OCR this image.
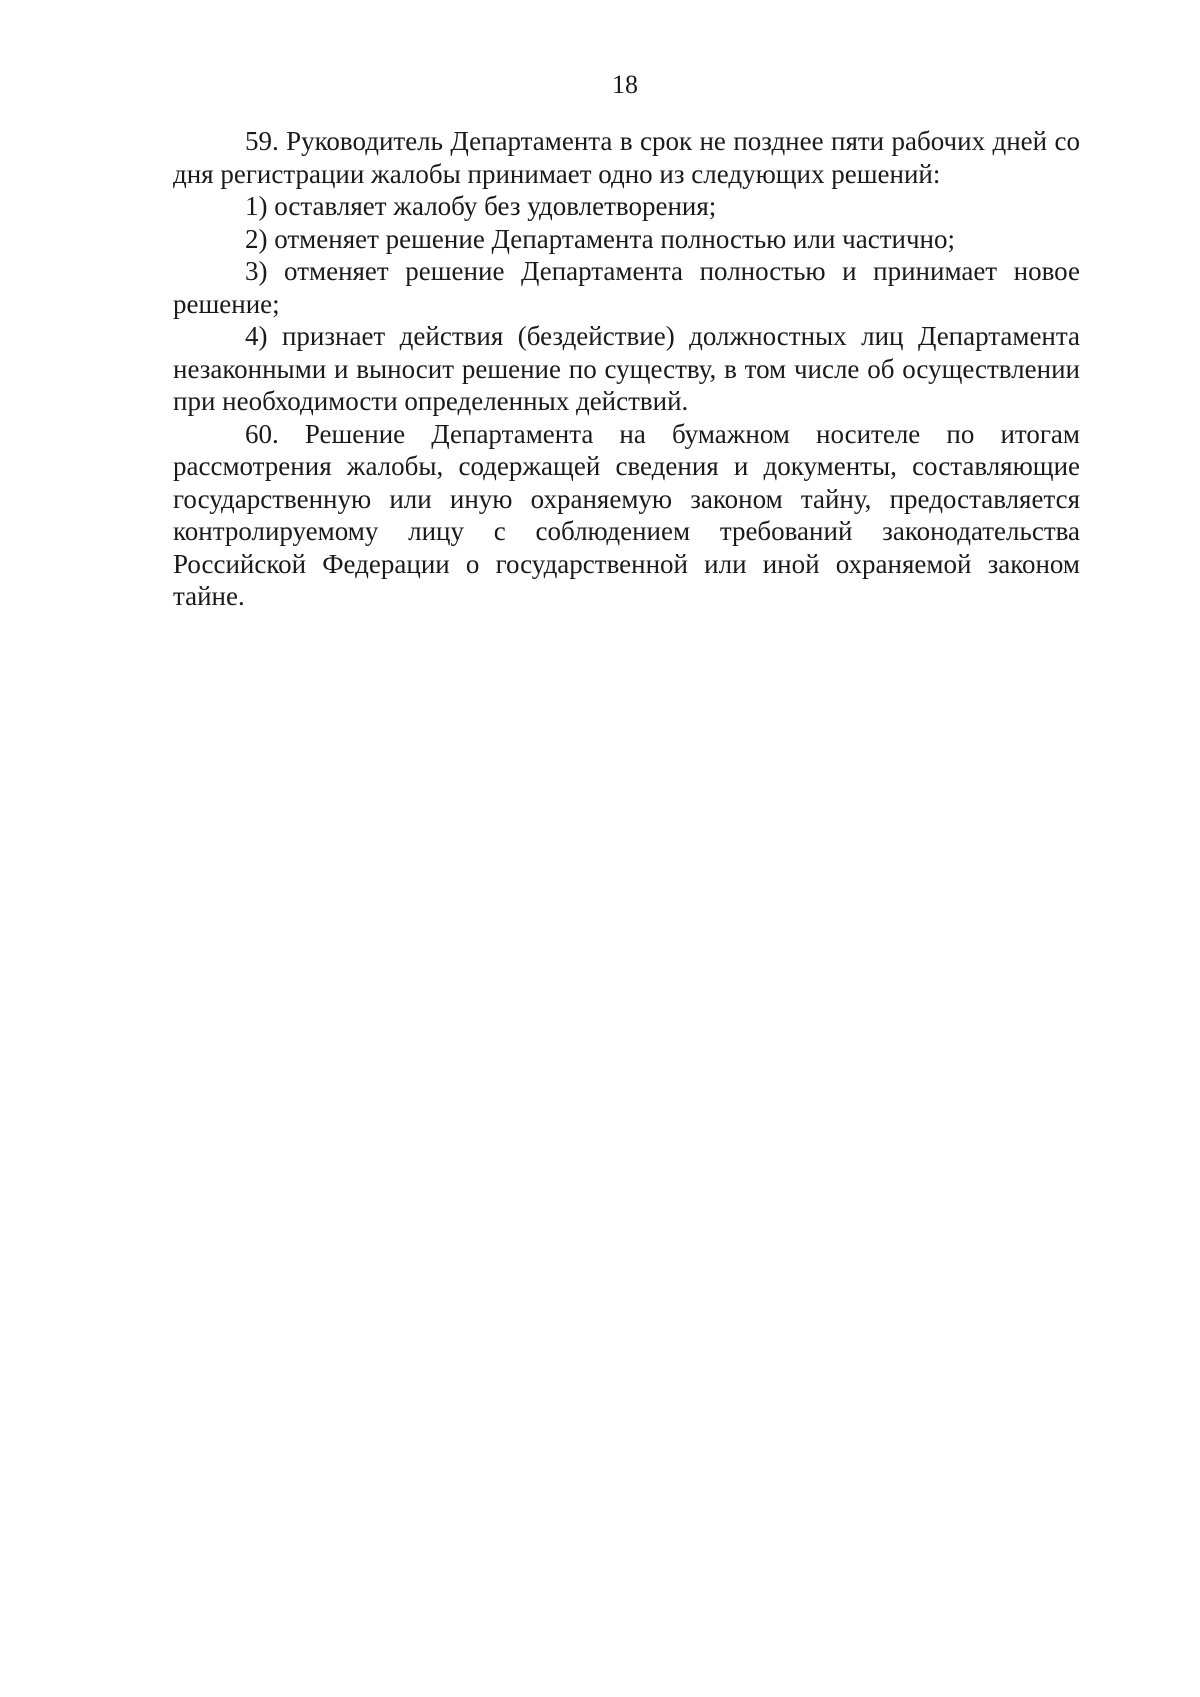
18

59. Руководитель Департамента в срок не позднее пяти рабочих дней со дня регистрации жалобы принимает одно из следующих решений:

1) оставляет жалобу без удовлетворения;

2) отменяет решение Департамента полностью или частично;

3) отменяет решение Департамента полностью и принимает новое решение;

4) признает действия (бездействие) должностных лиц Департамента незаконными и выносит решение по существу, в том числе об осуществлении при необходимости определенных действий.

60. Решение Департамента на бумажном носителе по итогам рассмотрения жалобы, содержащей сведения и документы, составляющие государственную или иную охраняемую законом тайну, предоставляется контролируемому лицу с соблюдением требований законодательства Российской Федерации о государственной или иной охраняемой законом тайне.
